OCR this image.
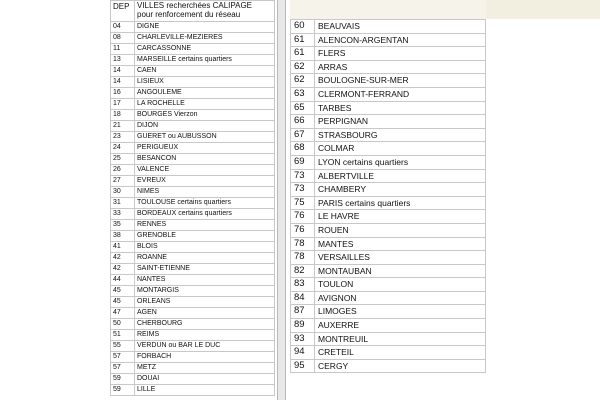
DEP	VILLES recherchées CALIPAGE
pour renforcement du réseau

04	DIGNE
08	CHARLEVILLE-MEZIERES
11	CARCASSONNE
13	MARSEILLE certains quartiers
14	CAEN
14	LISIEUX
16	ANGOULEME
17	LA ROCHELLE
18	BOURGES Vierzon
21	DIJON
23	GUERET ou AUBUSSON
24	PERIGUEUX
25	BESANCON
26	VALENCE
27	EVREUX
30	NIMES
31	TOULOUSE certains quartiers
33	BORDEAUX certains quartiers
35	RENNES
38	GRENOBLE
41	BLOIS
42	ROANNE
42	SAINT-ETIENNE
44	NANTES
45	MONTARGIS
45	ORLEANS
47	AGEN
50	CHERBOURG
51	REIMS
55	VERDUN ou BAR LE DUC
57	FORBACH
57	METZ
59	DOUAI
59	LILLE
60	BEAUVAIS
61	ALENCON-ARGENTAN
61	FLERS
62	ARRAS
62	BOULOGNE-SUR-MER
63	CLERMONT-FERRAND
65	TARBES
66	PERPIGNAN
67	STRASBOURG
68	COLMAR
69	LYON certains quartiers
73	ALBERTVILLE
73	CHAMBERY
75	PARIS certains quartiers
76	LE HAVRE
76	ROUEN
78	MANTES
78	VERSAILLES
82	MONTAUBAN
83	TOULON
84	AVIGNON
87	LIMOGES
89	AUXERRE
93	MONTREUIL
94	CRETEIL
95	CERGY
